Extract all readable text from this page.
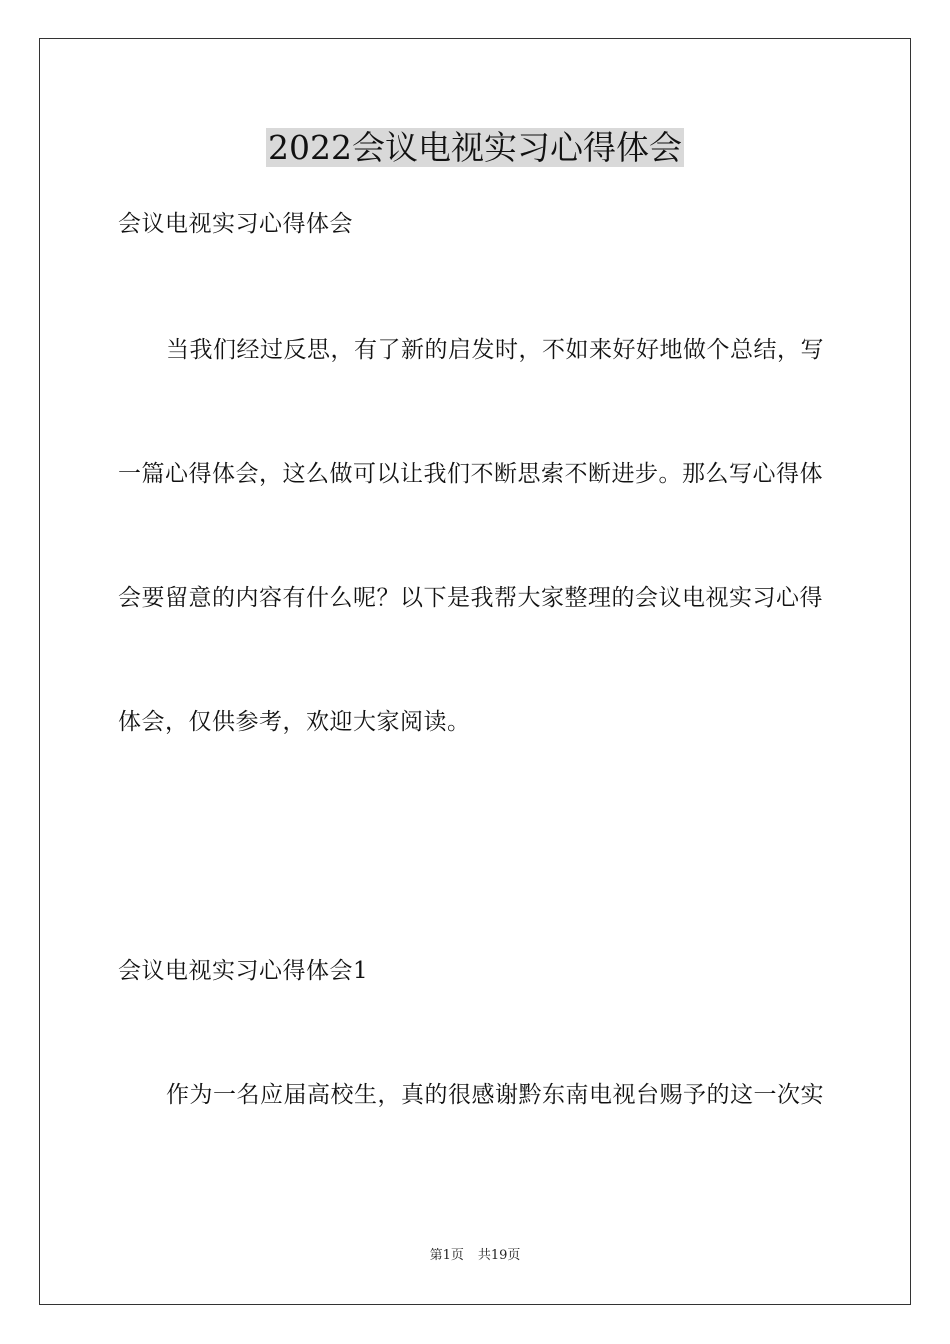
2022会议电视实习心得体会

会议电视实习心得体会

当我们经过反思，有了新的启发时，不如来好好地做个总结，写

一篇心得体会，这么做可以让我们不断思索不断进步。那么写心得体

会要留意的内容有什么呢？以下是我帮大家整理的会议电视实习心得

体会，仅供参考，欢迎大家阅读。

会议电视实习心得体会1

作为一名应届高校生，真的很感谢黔东南电视台赐予的这一次实

第1页 共19页
